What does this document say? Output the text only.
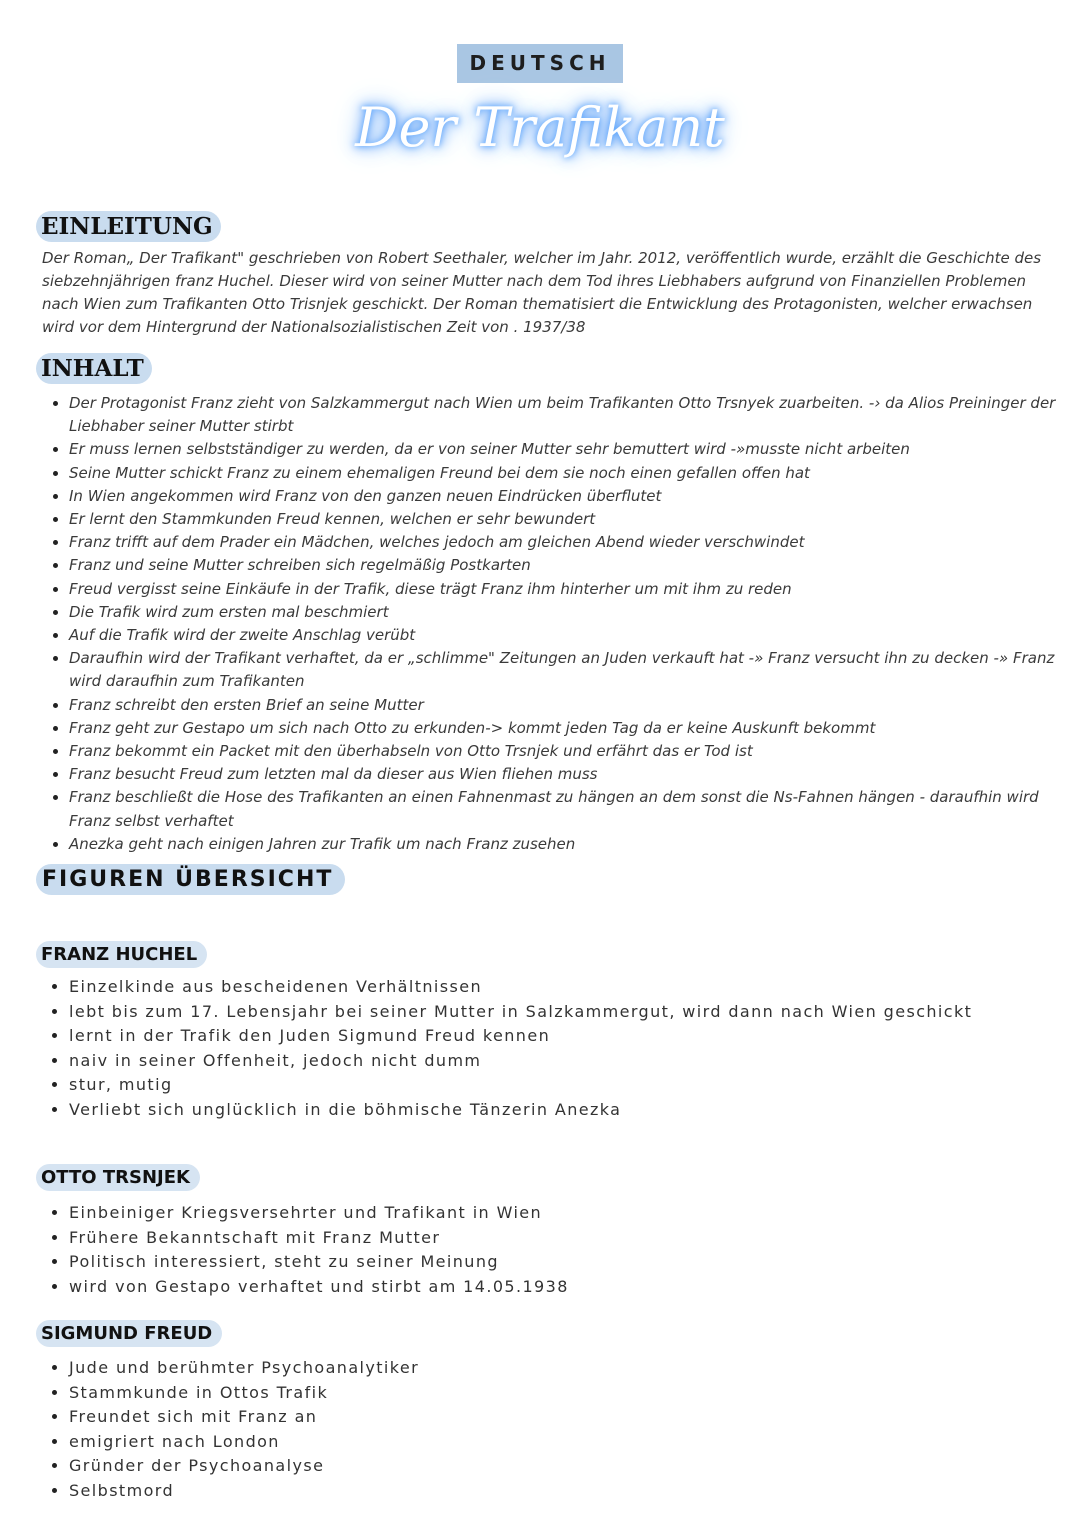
DEUTSCH
Der Trafikant
EINLEITUNG

Der Roman„ Der Trafikant" geschrieben von Robert Seethaler, welcher im Jahr. 2012, veröffentlich wurde, erzählt die Geschichte des siebzehnjährigen franz Huchel. Dieser wird von seiner Mutter nach dem Tod ihres Liebhabers aufgrund von Finanziellen Problemen nach Wien zum Trafikanten Otto Trisnjek geschickt. Der Roman thematisiert die Entwicklung des Protagonisten, welcher erwachsen wird vor dem Hintergrund der Nationalsozialistischen Zeit von . 1937/38

INHALT
• Der Protagonist Franz zieht von Salzkammergut nach Wien um beim Trafikanten Otto Trsnyek zuarbeiten. -› da Alios Preininger der Liebhaber seiner Mutter stirbt
• Er muss lernen selbstständiger zu werden, da er von seiner Mutter sehr bemuttert wird -»musste nicht arbeiten
• Seine Mutter schickt Franz zu einem ehemaligen Freund bei dem sie noch einen gefallen offen hat
• In Wien angekommen wird Franz von den ganzen neuen Eindrücken überflutet
• Er lernt den Stammkunden Freud kennen, welchen er sehr bewundert
• Franz trifft auf dem Prader ein Mädchen, welches jedoch am gleichen Abend wieder verschwindet
• Franz und seine Mutter schreiben sich regelmäßig Postkarten
• Freud vergisst seine Einkäufe in der Trafik, diese trägt Franz ihm hinterher um mit ihm zu reden
• Die Trafik wird zum ersten mal beschmiert
• Auf die Trafik wird der zweite Anschlag verübt
• Daraufhin wird der Trafikant verhaftet, da er „schlimme" Zeitungen an Juden verkauft hat -» Franz versucht ihn zu decken -» Franz wird daraufhin zum Trafikanten
• Franz schreibt den ersten Brief an seine Mutter
• Franz geht zur Gestapo um sich nach Otto zu erkunden-> kommt jeden Tag da er keine Auskunft bekommt
• Franz bekommt ein Packet mit den überhabseln von Otto Trsnjek und erfährt das er Tod ist
• Franz besucht Freud zum letzten mal da dieser aus Wien fliehen muss
• Franz beschließt die Hose des Trafikanten an einen Fahnenmast zu hängen an dem sonst die Ns-Fahnen hängen - daraufhin wird Franz selbst verhaftet
• Anezka geht nach einigen Jahren zur Trafik um nach Franz zusehen
FIGUREN ÜBERSICHT
FRANZ HUCHEL
• Einzelkinde aus bescheidenen Verhältnissen
• lebt bis zum 17. Lebensjahr bei seiner Mutter in Salzkammergut, wird dann nach Wien geschickt
• lernt in der Trafik den Juden Sigmund Freud kennen
• naiv in seiner Offenheit, jedoch nicht dumm
• stur, mutig
• Verliebt sich unglücklich in die böhmische Tänzerin Anezka
OTTO TRSNJEK
• Einbeiniger Kriegsversehrter und Trafikant in Wien
• Frühere Bekanntschaft mit Franz Mutter
• Politisch interessiert, steht zu seiner Meinung
• wird von Gestapo verhaftet und stirbt am 14.05.1938
SIGMUND FREUD
• Jude und berühmter Psychoanalytiker
• Stammkunde in Ottos Trafik
• Freundet sich mit Franz an
• emigriert nach London
• Gründer der Psychoanalyse
• Selbstmord
